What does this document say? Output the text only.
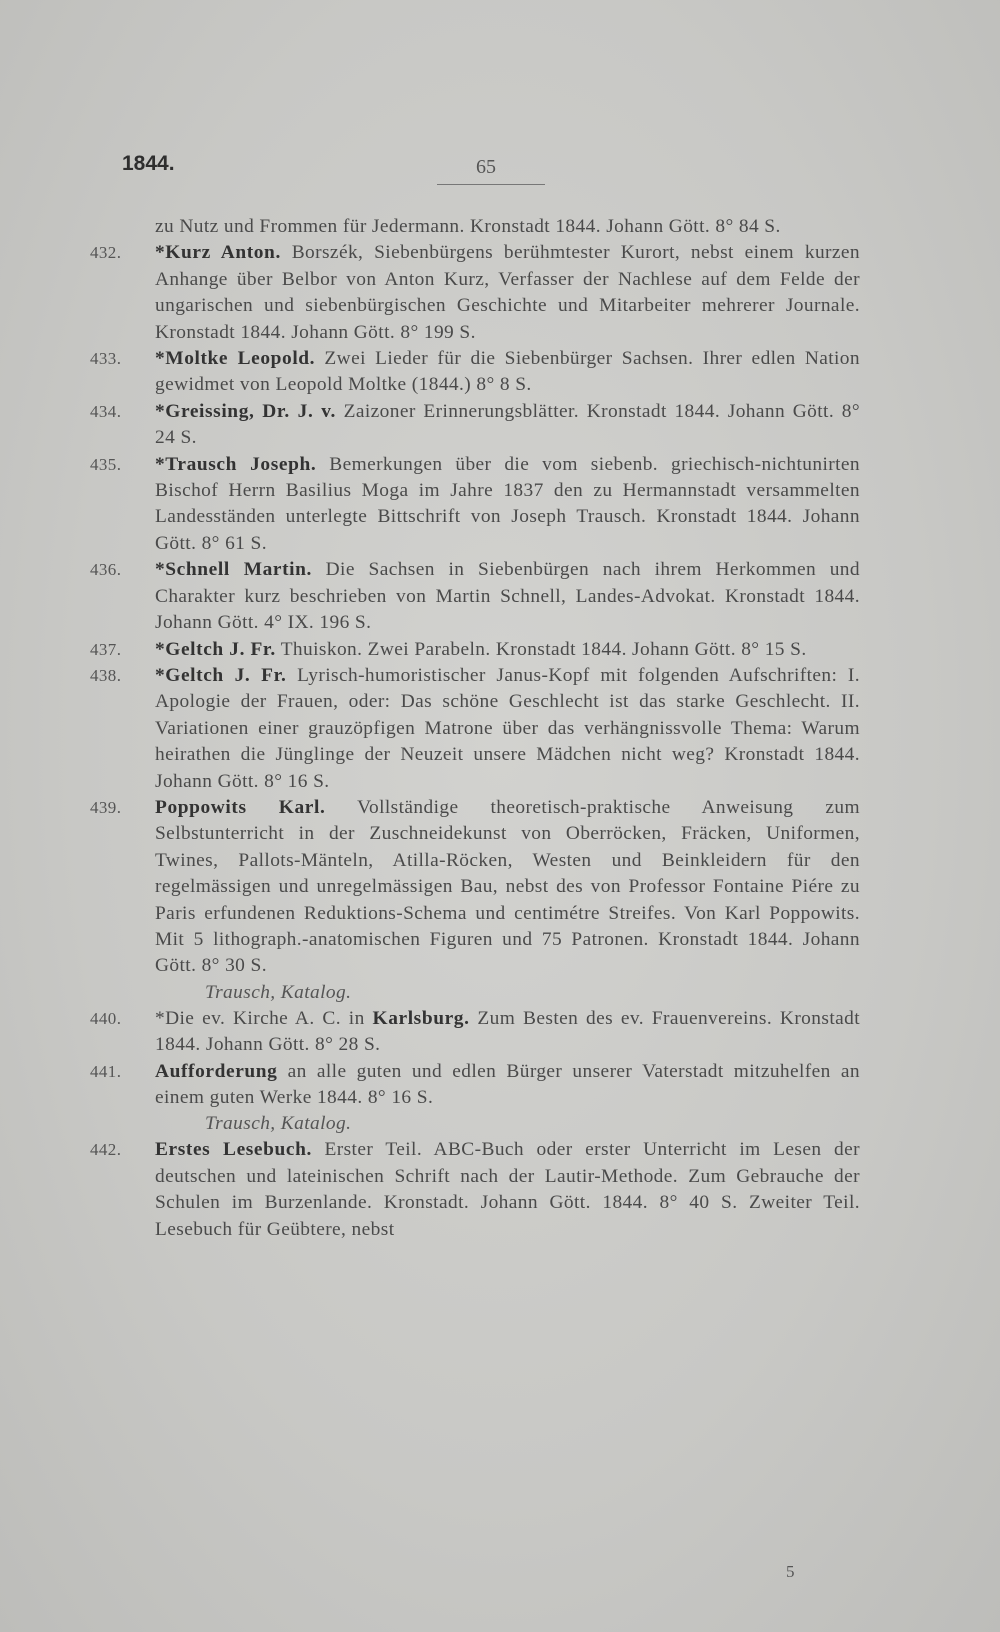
1844.	65
zu Nutz und Frommen für Jedermann. Kronstadt 1844. Johann Gött. 8° 84 S.
432. *Kurz Anton. Borszék, Siebenbürgens berühmtester Kurort, nebst einem kurzen Anhange über Belbor von Anton Kurz, Verfasser der Nachlese auf dem Felde der ungarischen und siebenbürgischen Geschichte und Mitarbeiter mehrerer Journale. Kronstadt 1844. Johann Gött. 8° 199 S.
433. *Moltke Leopold. Zwei Lieder für die Siebenbürger Sachsen. Ihrer edlen Nation gewidmet von Leopold Moltke (1844.) 8° 8 S.
434. *Greissing, Dr. J. v. Zaizoner Erinnerungsblätter. Kronstadt 1844. Johann Gött. 8° 24 S.
435. *Trausch Joseph. Bemerkungen über die vom siebenb. griechisch-nichtunirten Bischof Herrn Basilius Moga im Jahre 1837 den zu Hermannstadt versammelten Landesständen unterlegte Bittschrift von Joseph Trausch. Kronstadt 1844. Johann Gött. 8° 61 S.
436. *Schnell Martin. Die Sachsen in Siebenbürgen nach ihrem Herkommen und Charakter kurz beschrieben von Martin Schnell, Landes-Advokat. Kronstadt 1844. Johann Gött. 4° IX. 196 S.
437. *Geltch J. Fr. Thuiskon. Zwei Parabeln. Kronstadt 1844. Johann Gött. 8° 15 S.
438. *Geltch J. Fr. Lyrisch-humoristischer Janus-Kopf mit folgenden Aufschriften: I. Apologie der Frauen, oder: Das schöne Geschlecht ist das starke Geschlecht. II. Variationen einer grauzöpfigen Matrone über das verhängnissvolle Thema: Warum heirathen die Jünglinge der Neuzeit unsere Mädchen nicht weg? Kronstadt 1844. Johann Gött. 8° 16 S.
439. Poppowits Karl. Vollständige theoretisch-praktische Anweisung zum Selbstunterricht in der Zuschneidekunst von Oberröcken, Fräcken, Uniformen, Twines, Pallots-Mänteln, Atilla-Röcken, Westen und Beinkleidern für den regelmässigen und unregelmässigen Bau, nebst des von Professor Fontaine Piére zu Paris erfundenen Reduktions-Schema und centimétre Streifes. Von Karl Poppowits. Mit 5 lithograph.-anatomischen Figuren und 75 Patronen. Kronstadt 1844. Johann Gött. 8° 30 S.
Trausch, Katalog.
440. *Die ev. Kirche A. C. in Karlsburg. Zum Besten des ev. Frauenvereins. Kronstadt 1844. Johann Gött. 8° 28 S.
441. Aufforderung an alle guten und edlen Bürger unserer Vaterstadt mitzuhelfen an einem guten Werke 1844. 8° 16 S.
Trausch, Katalog.
442. Erstes Lesebuch. Erster Teil. ABC-Buch oder erster Unterricht im Lesen der deutschen und lateinischen Schrift nach der Lautir-Methode. Zum Gebrauche der Schulen im Burzenlande. Kronstadt. Johann Gött. 1844. 8° 40 S. Zweiter Teil. Lesebuch für Geübtere, nebst
5
